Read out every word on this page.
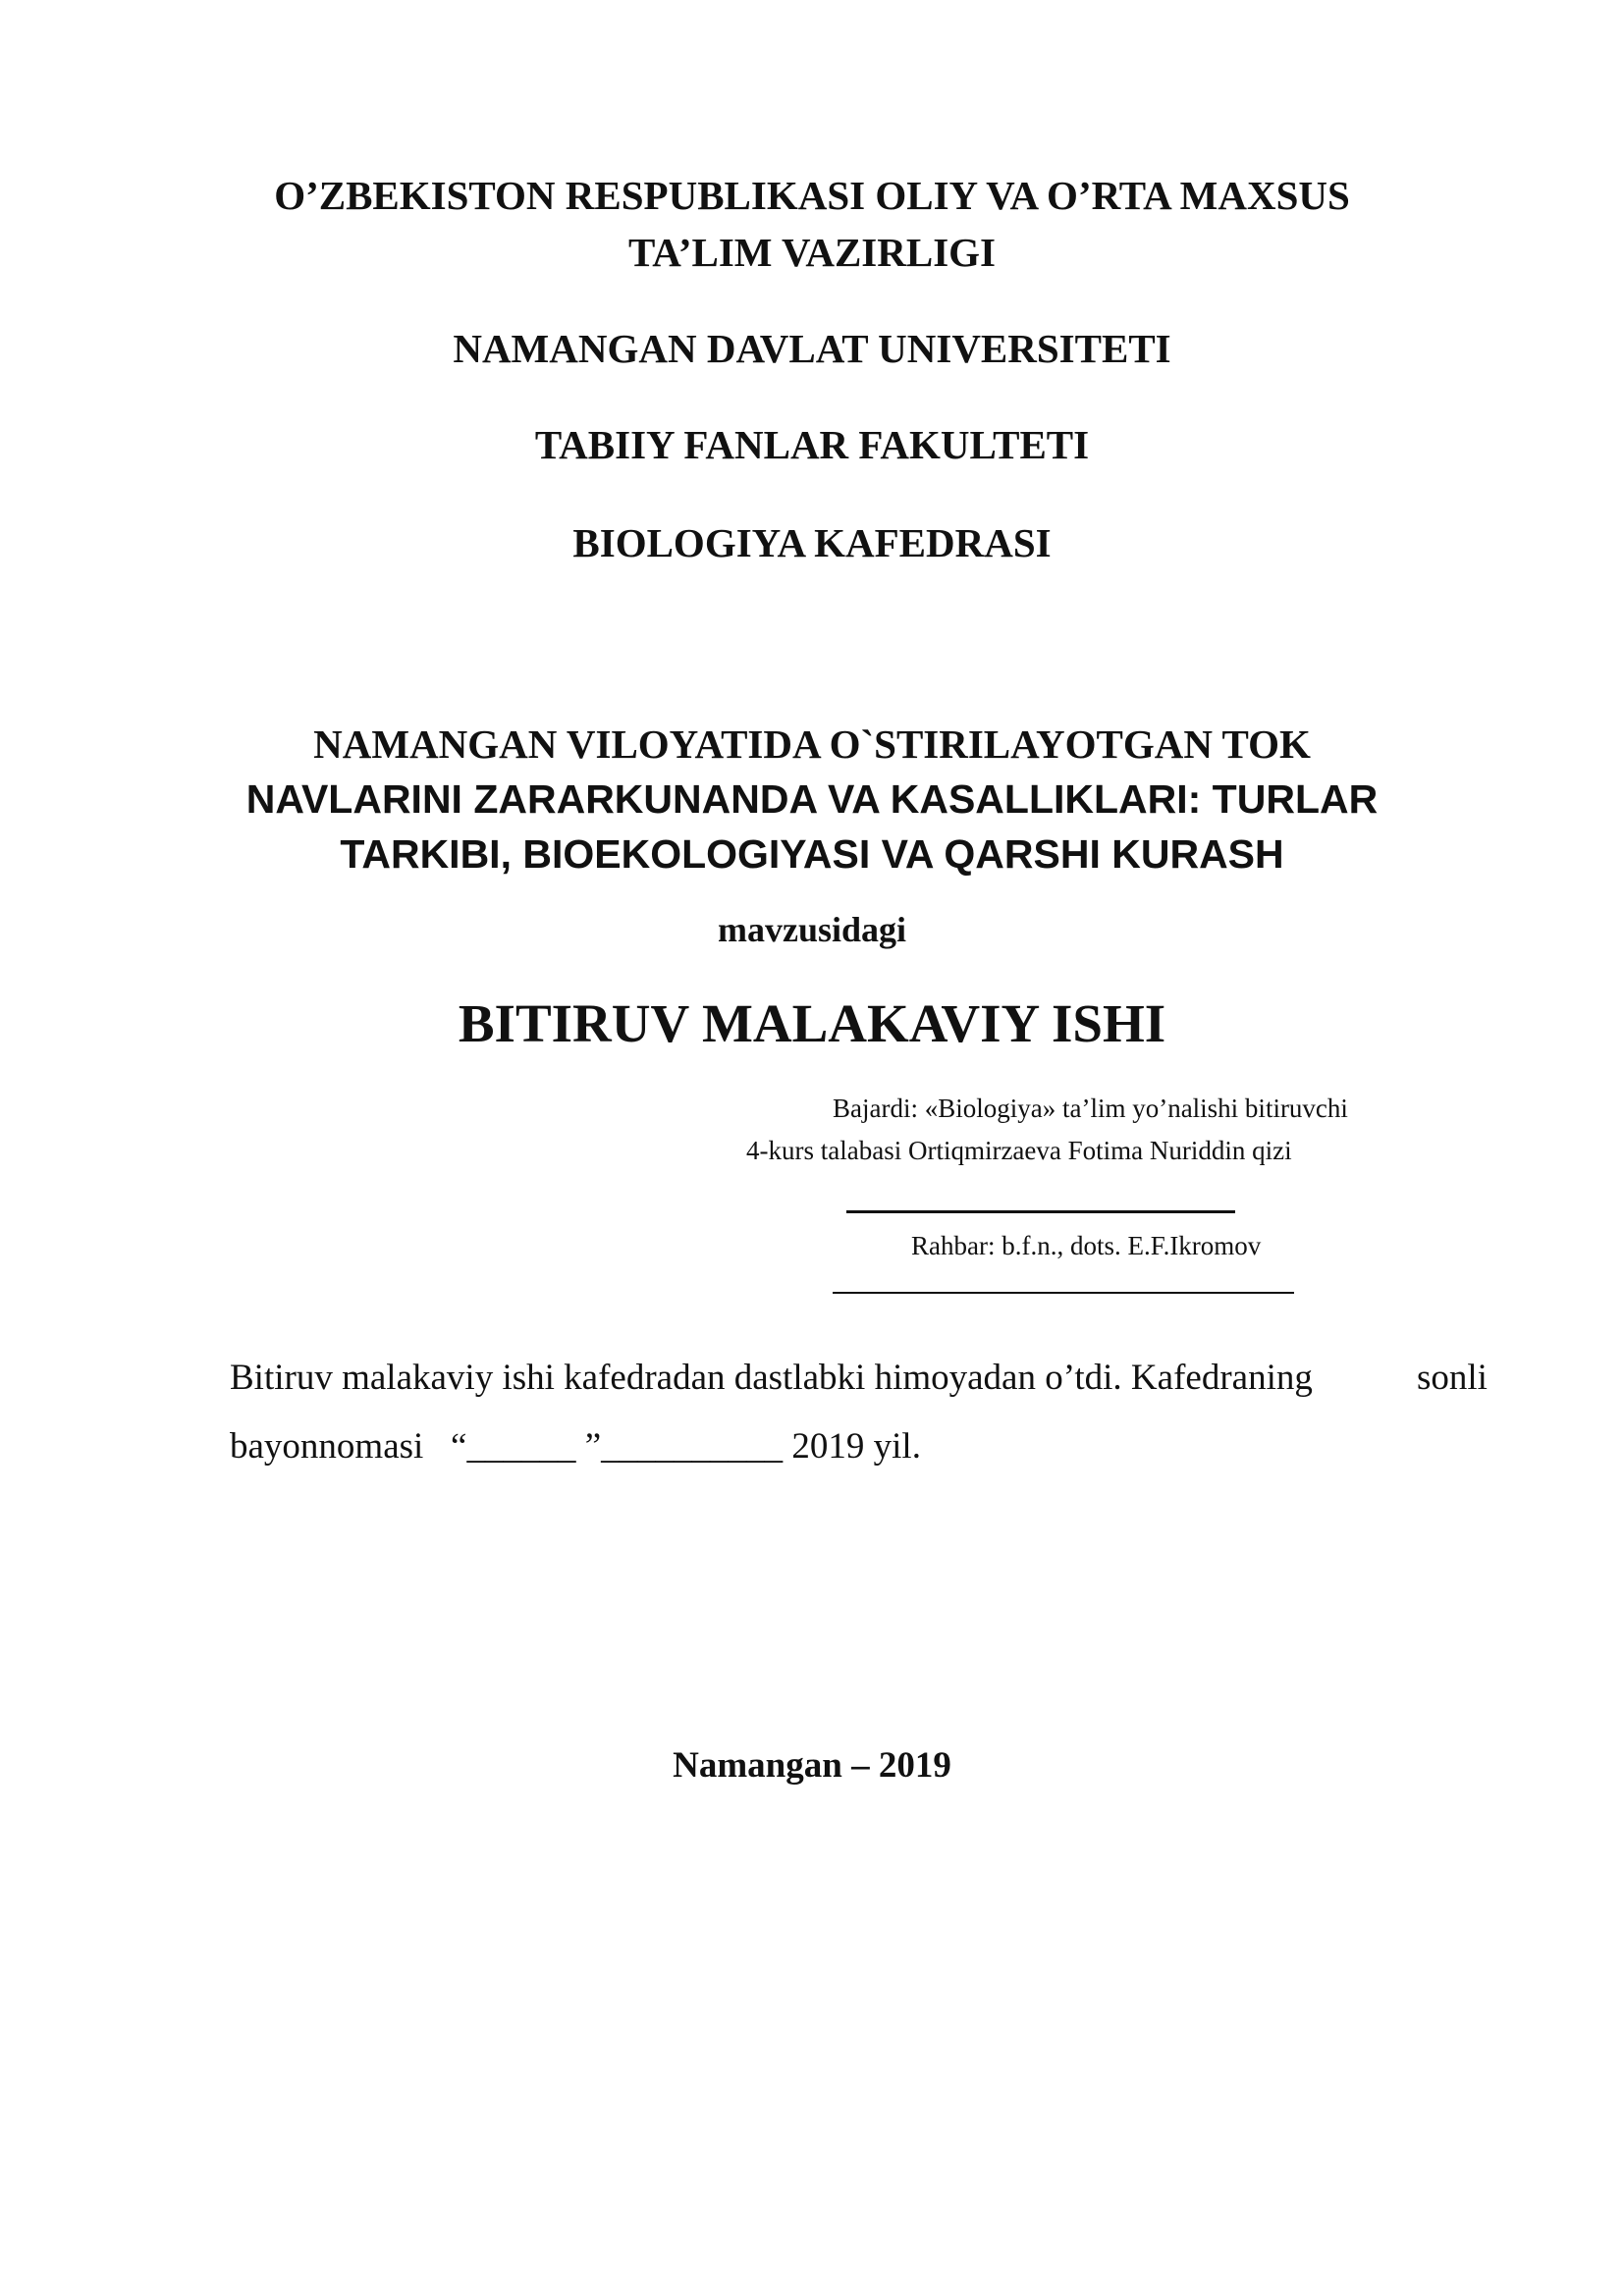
O’ZBEKISTON RESPUBLIKASI OLIY VA O’RTA MAXSUS
TA’LIM VAZIRLIGI
NAMANGAN DAVLAT UNIVERSITETI
TABIIY FANLAR FAKULTETI
BIOLOGIYA KAFEDRASI
NAMANGAN VILOYATIDA O`STIRILAYOTGAN TOK
NAVLARINI ZARARKUNANDA VA KASALLIKLARI: TURLAR
TARKIBI, BIOEKOLOGIYASI VA QARSHI KURASH
mavzusidagi
BITIRUV MALAKAVIY ISHI
Bajardi: «Biologiya» ta’lim yo’nalishi bitiruvchi
4-kurs talabasi Ortiqmirzaeva Fotima Nuriddin qizi
Rahbar: b.f.n., dots. E.F.Ikromov
Bitiruv malakaviy ishi kafedradan dastlabki himoyadan o’tdi. Kafedraning	sonli
bayonnomasi   “______ ”__________ 2019 yil.
Namangan – 2019
